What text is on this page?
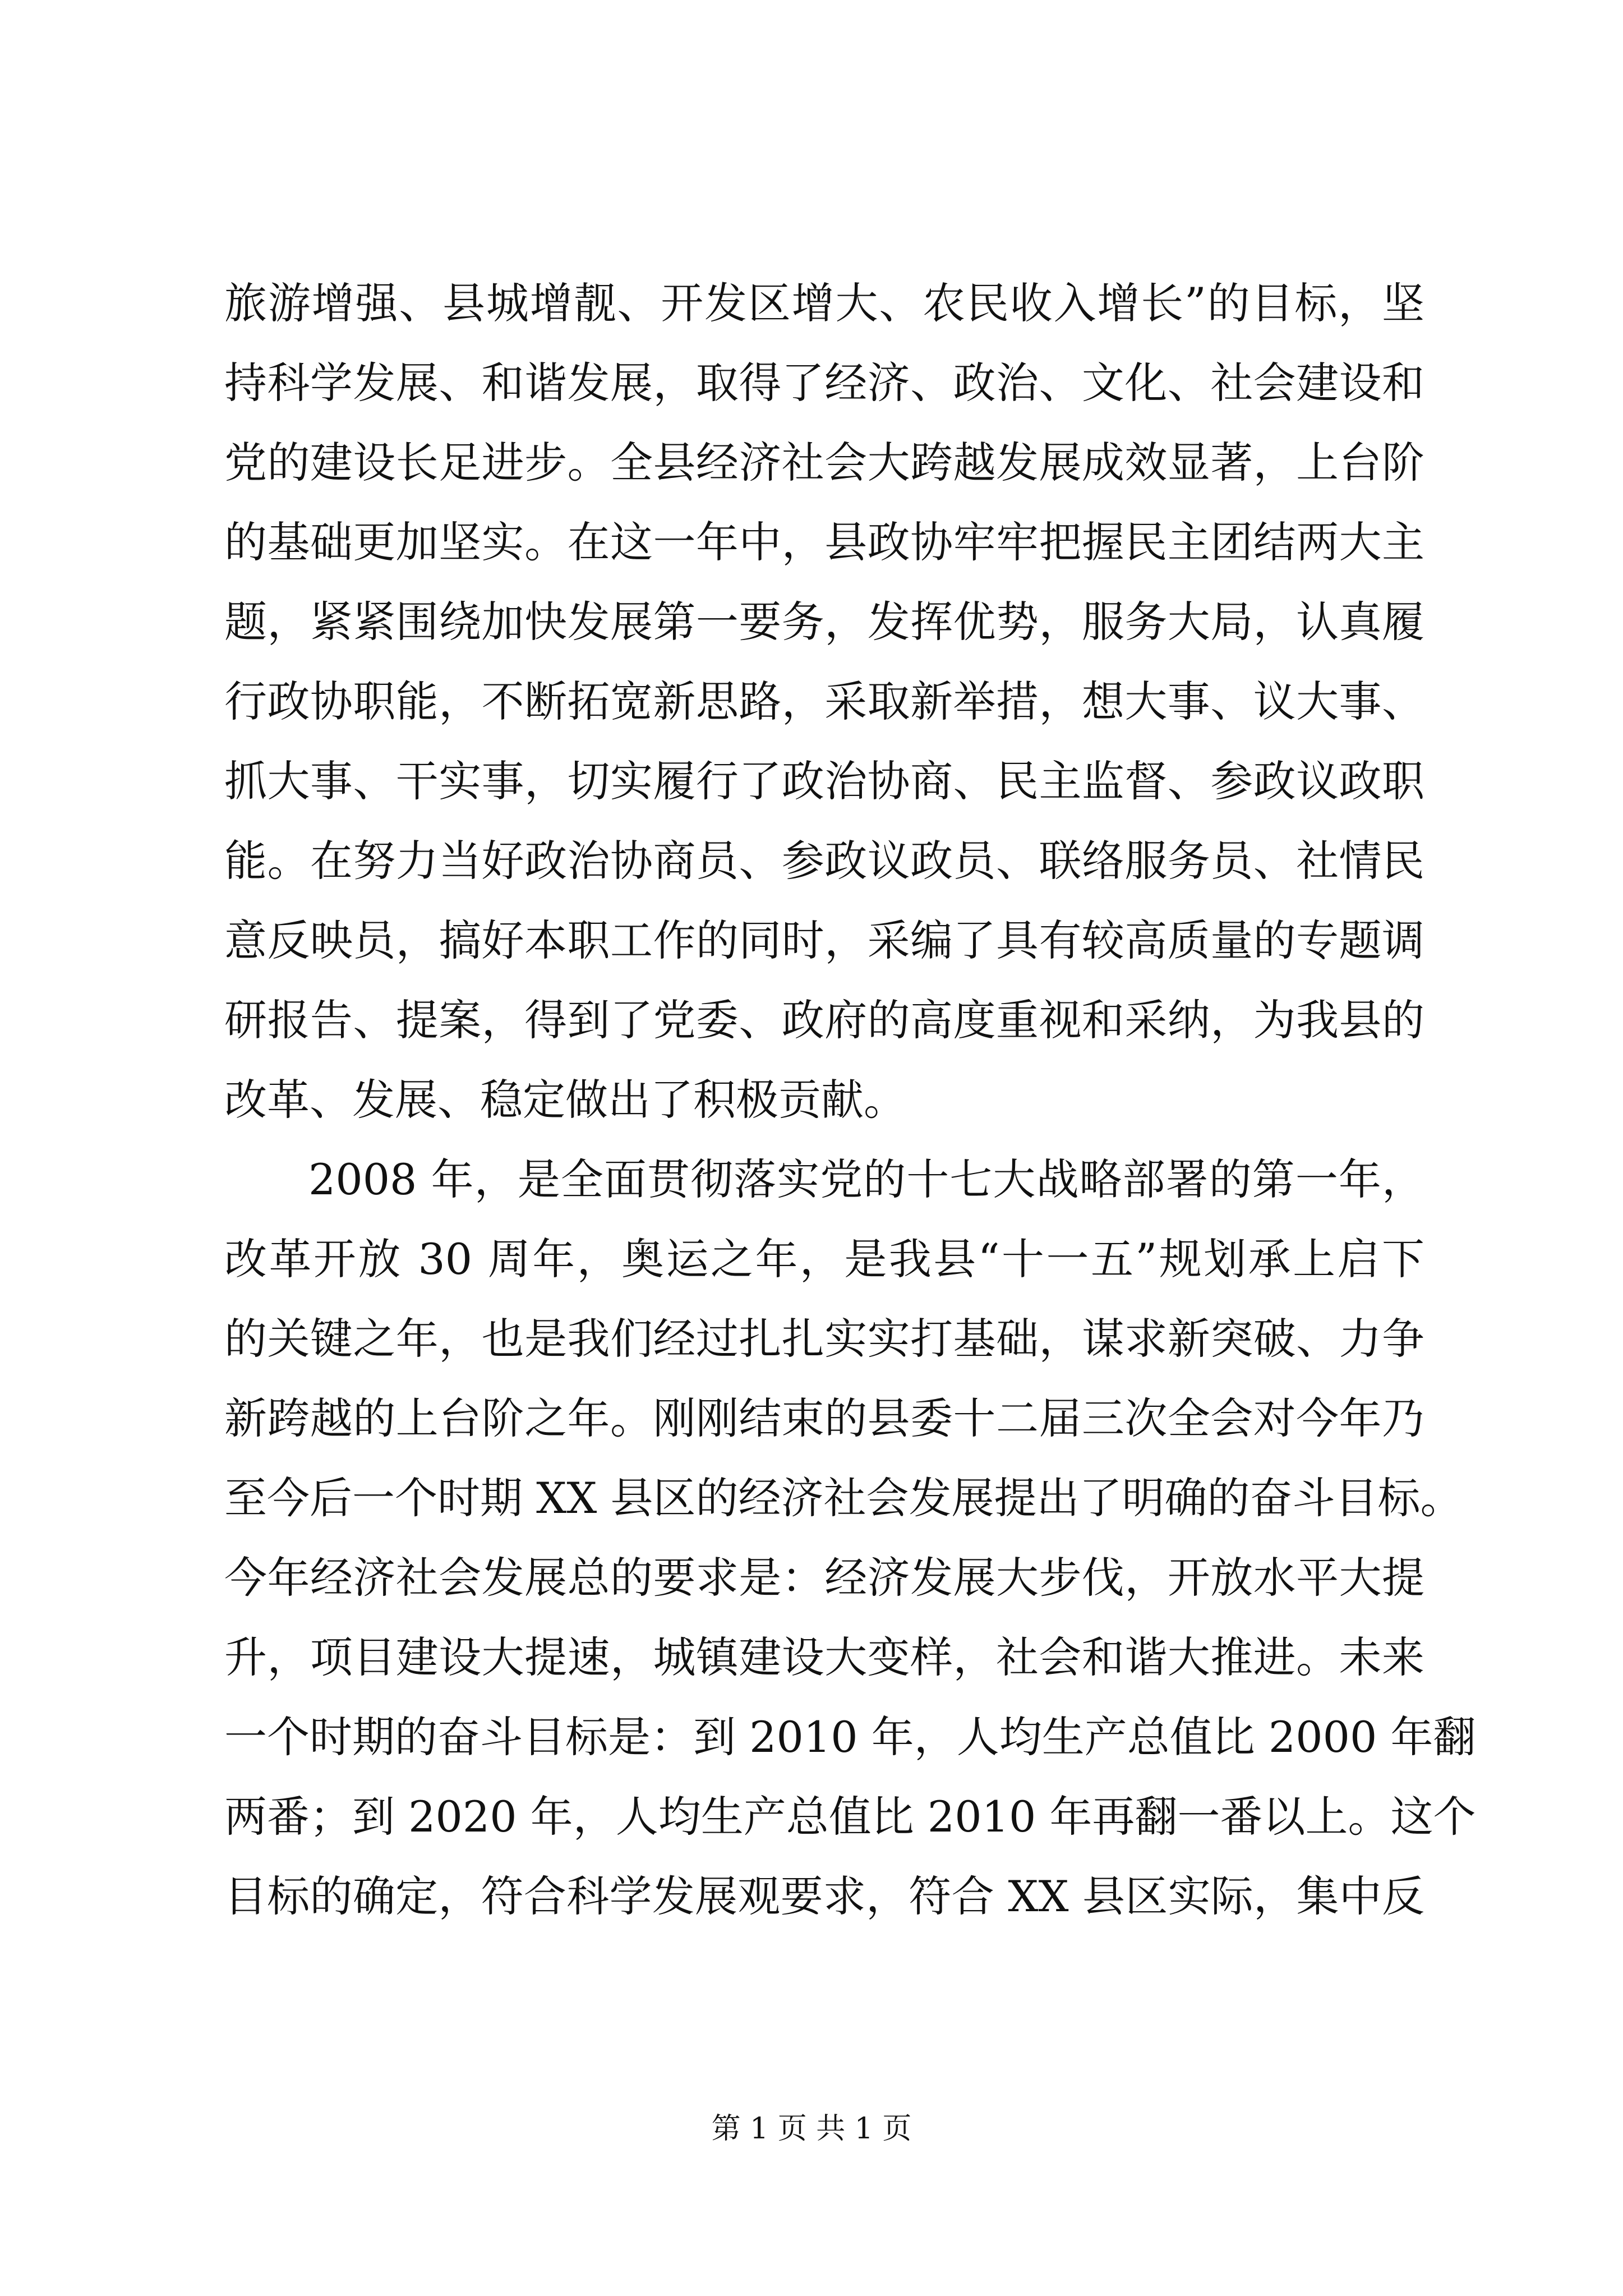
旅游增强、县城增靓、开发区增大、农民收入增长”的目标，坚
持科学发展、和谐发展，取得了经济、政治、文化、社会建设和
党的建设长足进步。全县经济社会大跨越发展成效显著，上台阶
的基础更加坚实。在这一年中，县政协牢牢把握民主团结两大主
题，紧紧围绕加快发展第一要务，发挥优势，服务大局，认真履
行政协职能，不断拓宽新思路，采取新举措，想大事、议大事、
抓大事、干实事，切实履行了政治协商、民主监督、参政议政职
能。在努力当好政治协商员、参政议政员、联络服务员、社情民
意反映员，搞好本职工作的同时，采编了具有较高质量的专题调
研报告、提案，得到了党委、政府的高度重视和采纳，为我县的
改革、发展、稳定做出了积极贡献。
2008 年，是全面贯彻落实党的十七大战略部署的第一年，
改革开放 30 周年，奥运之年，是我县“十一五”规划承上启下
的关键之年，也是我们经过扎扎实实打基础，谋求新突破、力争
新跨越的上台阶之年。刚刚结束的县委十二届三次全会对今年乃
至今后一个时期 XX 县区的经济社会发展提出了明确的奋斗目标。
今年经济社会发展总的要求是：经济发展大步伐，开放水平大提
升，项目建设大提速，城镇建设大变样，社会和谐大推进。未来
一个时期的奋斗目标是：到 2010 年，人均生产总值比 2000 年翻
两番；到 2020 年，人均生产总值比 2010 年再翻一番以上。这个
目标的确定，符合科学发展观要求，符合 XX 县区实际，集中反
第 1 页 共 1 页
